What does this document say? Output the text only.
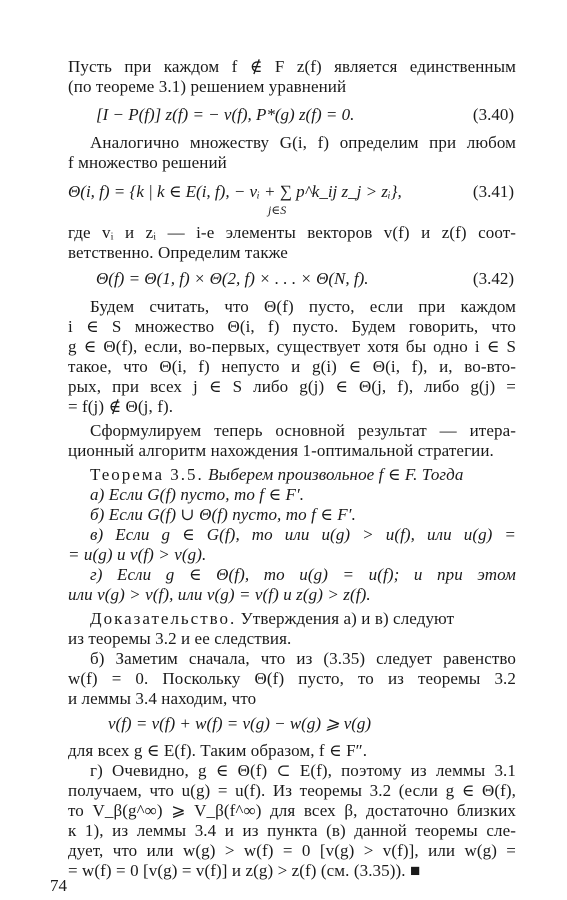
Пусть при каждом f ∉ F z(f) является единственным
(по теореме 3.1) решением уравнений
[I − P(f)] z(f) = − v(f), P*(g) z(f) = 0.	(3.40)
Аналогично множеству G(i, f) определим при любом
f множество решений
Θ(i, f) = {k | k ∈ E(i, f), − vᵢ + ∑ p^k_ij z_j > zᵢ},	(3.41)
j∈S
где vᵢ и zᵢ — i-е элементы векторов v(f) и z(f) соот-
ветственно. Определим также
Θ(f) = Θ(1, f) × Θ(2, f) × . . . × Θ(N, f).	(3.42)
Будем считать, что Θ(f) пусто, если при каждом
i ∈ S множество Θ(i, f) пусто. Будем говорить, что
g ∈ Θ(f), если, во-первых, существует хотя бы одно i ∈ S
такое, что Θ(i, f) непусто и g(i) ∈ Θ(i, f), и, во-вто-
рых, при всех j ∈ S либо g(j) ∈ Θ(j, f), либо g(j) =
= f(j) ∉ Θ(j, f).
Сформулируем теперь основной результат — итера-
ционный алгоритм нахождения 1-оптимальной стратегии.
Теорема 3.5. Выберем произвольное f ∈ F. Тогда
а) Если G(f) пусто, то f ∈ F′.
б) Если G(f) ∪ Θ(f) пусто, то f ∈ F′.
в) Если g ∈ G(f), то или u(g) > u(f), или u(g) =
= u(g) и v(f) > v(g).
г) Если g ∈ Θ(f), то u(g) = u(f); и при этом
или v(g) > v(f), или v(g) = v(f) и z(g) > z(f).
Доказательство. Утверждения а) и в) следуют
из теоремы 3.2 и ее следствия.
б) Заметим сначала, что из (3.35) следует равенство
w(f) = 0. Поскольку Θ(f) пусто, то из теоремы 3.2
и леммы 3.4 находим, что
v(f) = v(f) + w(f) = v(g) − w(g) ⩾ v(g)
для всех g ∈ E(f). Таким образом, f ∈ F″.
г) Очевидно, g ∈ Θ(f) ⊂ E(f), поэтому из леммы 3.1
получаем, что u(g) = u(f). Из теоремы 3.2 (если g ∈ Θ(f),
то V_β(g^∞) ⩾ V_β(f^∞) для всех β, достаточно близких
к 1), из леммы 3.4 и из пункта (в) данной теоремы сле-
дует, что или w(g) > w(f) = 0 [v(g) > v(f)], или w(g) =
= w(f) = 0 [v(g) = v(f)] и z(g) > z(f) (см. (3.35)). ■
74
